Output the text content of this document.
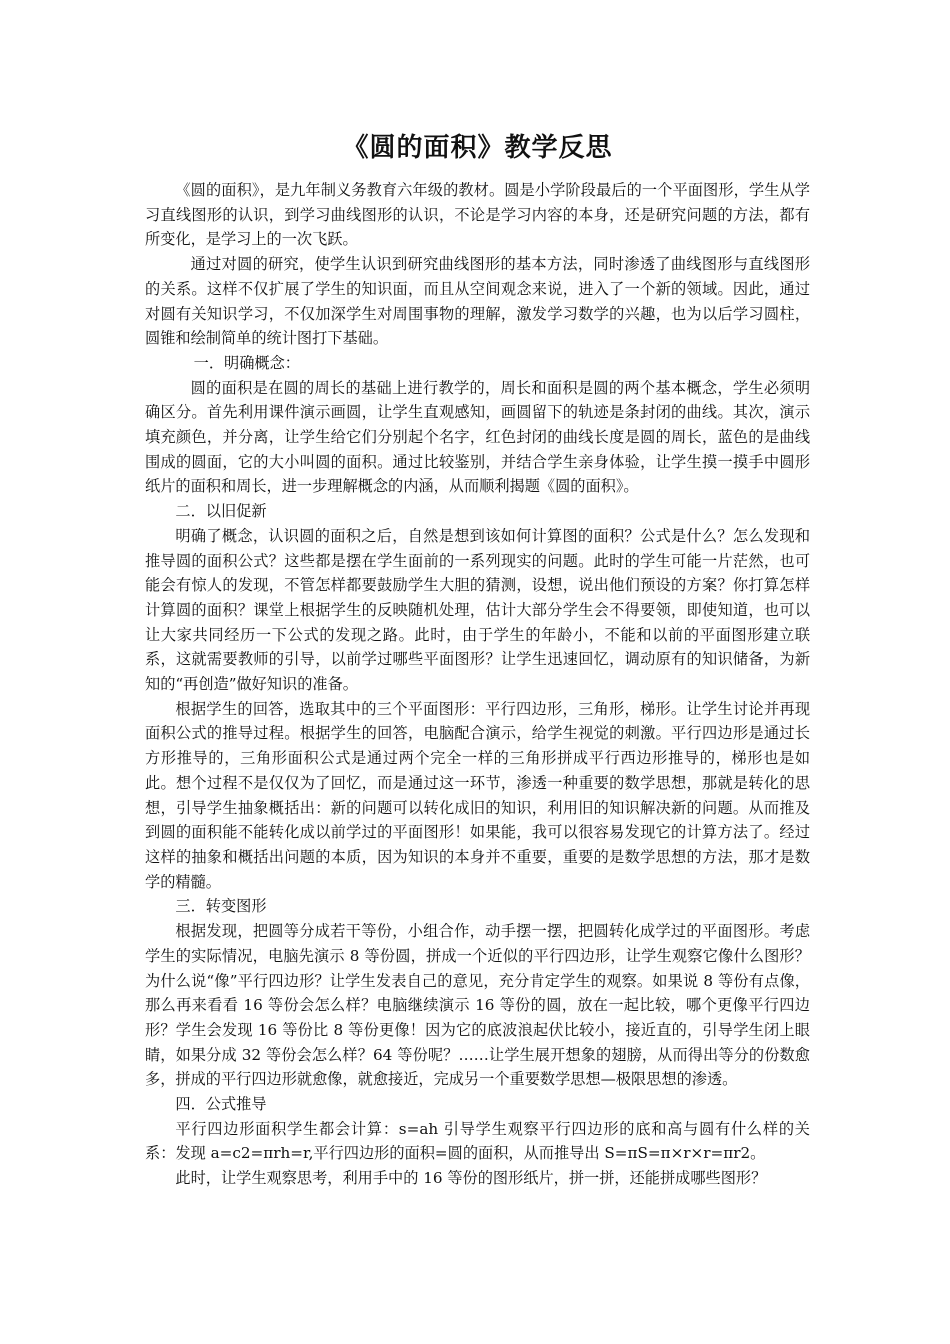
《圆的面积》教学反思

《圆的面积》，是九年制义务教育六年级的教材。圆是小学阶段最后的一个平面图形，学生从学习直线图形的认识，到学习曲线图形的认识，不论是学习内容的本身，还是研究问题的方法，都有所变化，是学习上的一次飞跃。

通过对圆的研究，使学生认识到研究曲线图形的基本方法，同时渗透了曲线图形与直线图形的关系。这样不仅扩展了学生的知识面，而且从空间观念来说，进入了一个新的领域。因此，通过对圆有关知识学习，不仅加深学生对周围事物的理解，激发学习数学的兴趣，也为以后学习圆柱，圆锥和绘制简单的统计图打下基础。

一．明确概念：

圆的面积是在圆的周长的基础上进行教学的，周长和面积是圆的两个基本概念，学生必须明确区分。首先利用课件演示画圆，让学生直观感知，画圆留下的轨迹是条封闭的曲线。其次，演示填充颜色，并分离，让学生给它们分别起个名字，红色封闭的曲线长度是圆的周长，蓝色的是曲线围成的圆面，它的大小叫圆的面积。通过比较鉴别，并结合学生亲身体验，让学生摸一摸手中圆形纸片的面积和周长，进一步理解概念的内涵，从而顺利揭题《圆的面积》。

二．以旧促新

明确了概念，认识圆的面积之后，自然是想到该如何计算图的面积？公式是什么？怎么发现和推导圆的面积公式？这些都是摆在学生面前的一系列现实的问题。此时的学生可能一片茫然，也可能会有惊人的发现，不管怎样都要鼓励学生大胆的猜测，设想，说出他们预设的方案？你打算怎样计算圆的面积？课堂上根据学生的反映随机处理，估计大部分学生会不得要领，即使知道，也可以让大家共同经历一下公式的发现之路。此时，由于学生的年龄小，不能和以前的平面图形建立联系，这就需要教师的引导，以前学过哪些平面图形？让学生迅速回忆，调动原有的知识储备，为新知的“再创造”做好知识的准备。

根据学生的回答，选取其中的三个平面图形：平行四边形，三角形，梯形。让学生讨论并再现面积公式的推导过程。根据学生的回答，电脑配合演示，给学生视觉的刺激。平行四边形是通过长方形推导的，三角形面积公式是通过两个完全一样的三角形拼成平行西边形推导的，梯形也是如此。想个过程不是仅仅为了回忆，而是通过这一环节，渗透一种重要的数学思想，那就是转化的思想，引导学生抽象概括出：新的问题可以转化成旧的知识，利用旧的知识解决新的问题。从而推及到圆的面积能不能转化成以前学过的平面图形！如果能，我可以很容易发现它的计算方法了。经过这样的抽象和概括出问题的本质，因为知识的本身并不重要，重要的是数学思想的方法，那才是数学的精髓。

三．转变图形

根据发现，把圆等分成若干等份，小组合作，动手摆一摆，把圆转化成学过的平面图形。考虑学生的实际情况，电脑先演示 8 等份圆，拼成一个近似的平行四边形，让学生观察它像什么图形？为什么说“像”平行四边形？让学生发表自己的意见，充分肯定学生的观察。如果说 8 等份有点像，那么再来看看 16 等份会怎么样？电脑继续演示 16 等份的圆，放在一起比较，哪个更像平行四边形？学生会发现 16 等份比 8 等份更像！因为它的底波浪起伏比较小，接近直的，引导学生闭上眼睛，如果分成 32 等份会怎么样？64 等份呢？……让学生展开想象的翅膀，从而得出等分的份数愈多，拼成的平行四边形就愈像，就愈接近，完成另一个重要数学思想—极限思想的渗透。

四．公式推导

平行四边形面积学生都会计算：s=ah 引导学生观察平行四边形的底和高与圆有什么样的关系：发现 a=c2=πrh=r,平行四边形的面积=圆的面积，从而推导出 S=πS=π×r×r=πr2。

此时，让学生观察思考，利用手中的 16 等份的图形纸片，拼一拼，还能拼成哪些图形？
